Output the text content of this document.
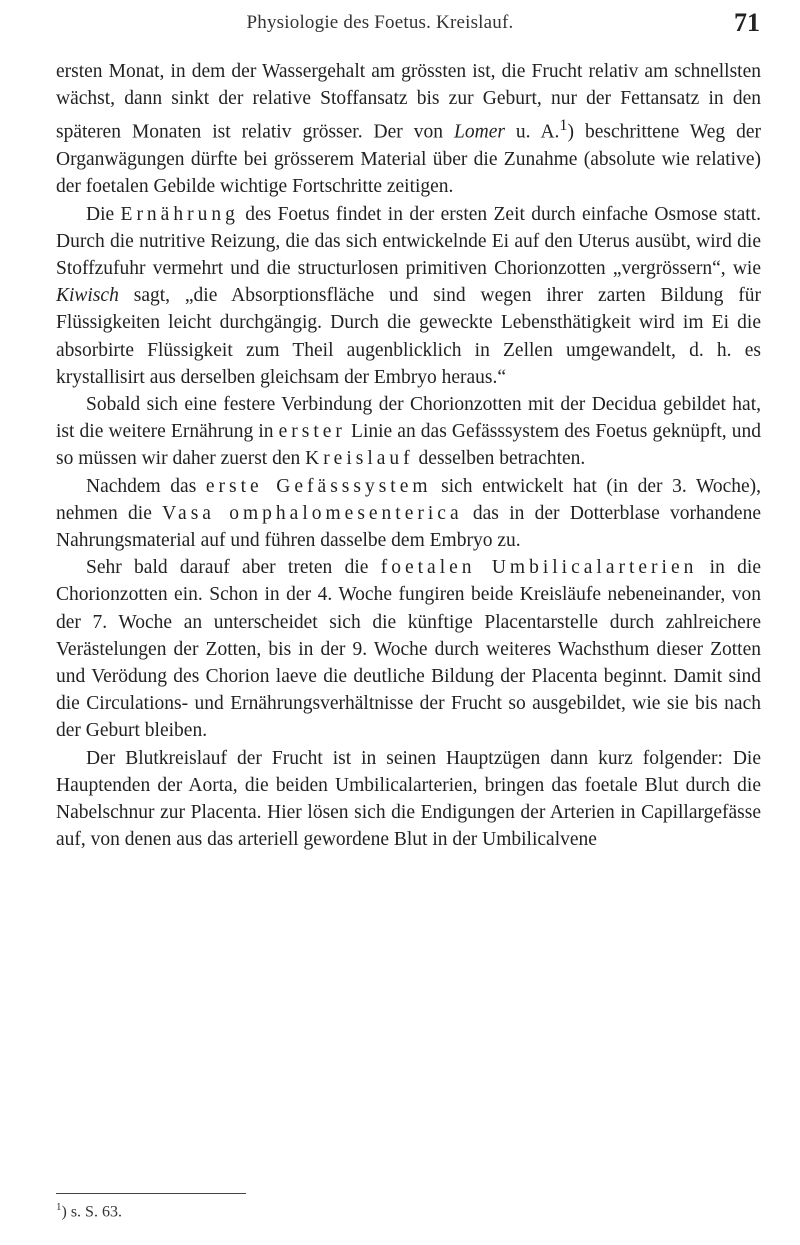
Physiologie des Foetus. Kreislauf.	71

ersten Monat, in dem der Wassergehalt am grössten ist, die Frucht relativ am schnellsten wächst, dann sinkt der relative Stoffansatz bis zur Geburt, nur der Fettansatz in den späteren Monaten ist relativ grösser. Der von Lomer u. A.$^1$) beschrittene Weg der Organwägungen dürfte bei grösserem Material über die Zunahme (absolute wie relative) der foetalen Gebilde wichtige Fortschritte zeitigen.

Die Ernährung des Foetus findet in der ersten Zeit durch einfache Osmose statt. Durch die nutritive Reizung, die das sich entwickelnde Ei auf den Uterus ausübt, wird die Stoffzufuhr vermehrt und die structurlosen primitiven Chorionzotten „vergrössern“, wie Kiwisch sagt, „die Absorptionsfläche und sind wegen ihrer zarten Bildung für Flüssigkeiten leicht durchgängig. Durch die geweckte Lebensthätigkeit wird im Ei die absorbirte Flüssigkeit zum Theil augenblicklich in Zellen umgewandelt, d. h. es krystallisirt aus derselben gleichsam der Embryo heraus.“

Sobald sich eine festere Verbindung der Chorionzotten mit der Decidua gebildet hat, ist die weitere Ernährung in erster Linie an das Gefässsystem des Foetus geknüpft, und so müssen wir daher zuerst den Kreislauf desselben betrachten.

Nachdem das erste Gefässsystem sich entwickelt hat (in der 3. Woche), nehmen die Vasa omphalomesenterica das in der Dotterblase vorhandene Nahrungsmaterial auf und führen dasselbe dem Embryo zu.

Sehr bald darauf aber treten die foetalen Umbilicalarterien in die Chorionzotten ein. Schon in der 4. Woche fungiren beide Kreisläufe nebeneinander, von der 7. Woche an unterscheidet sich die künftige Placentarstelle durch zahlreichere Verästelungen der Zotten, bis in der 9. Woche durch weiteres Wachsthum dieser Zotten und Verödung des Chorion laeve die deutliche Bildung der Placenta beginnt. Damit sind die Circulations- und Ernährungsverhältnisse der Frucht so ausgebildet, wie sie bis nach der Geburt bleiben.

Der Blutkreislauf der Frucht ist in seinen Hauptzügen dann kurz folgender: Die Hauptenden der Aorta, die beiden Umbilicalarterien, bringen das foetale Blut durch die Nabelschnur zur Placenta. Hier lösen sich die Endigungen der Arterien in Capillargefässe auf, von denen aus das arteriell gewordene Blut in der Umbilicalvene

$^1$) s. S. 63.
